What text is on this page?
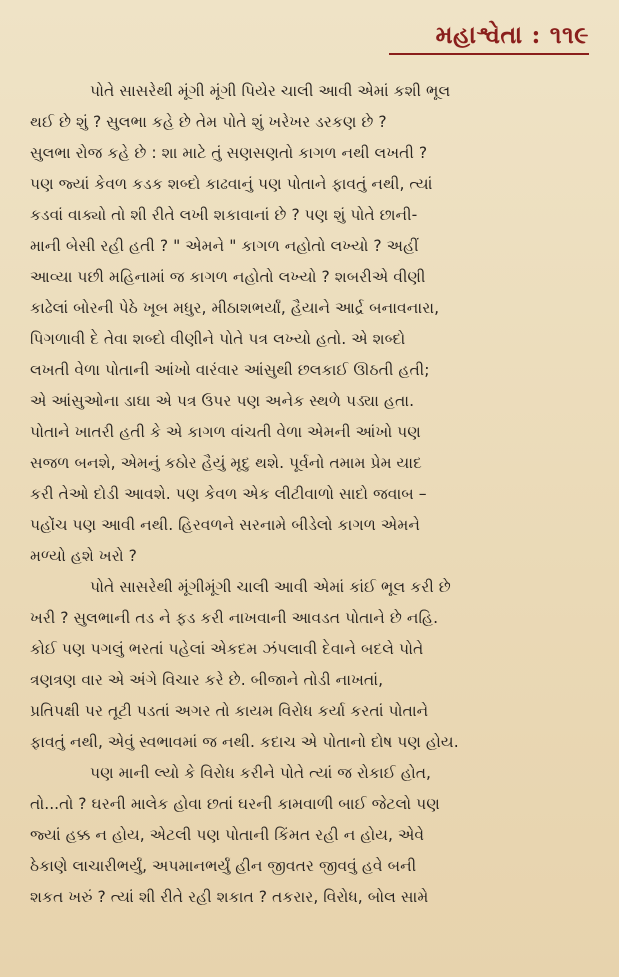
મહાશ્વેતા : ૧૧૯
પોતે સાસરેથી મૂંગી મૂંગી પિયેર ચાલી આવી એમાં કશી ભૂલ
થઈ છે શું ? સુલભા કહે છે તેમ પોતે શું ખરેખર ડરકણ છે ?
સુલભા રોજ કહે છે : શા માટે તું સણસણતો કાગળ નથી લખતી ?
પણ જ્યાં કેવળ કડક શબ્દો કાઢવાનું પણ પોતાને ફાવતું નથી, ત્યાં
કડવાં વાક્યો તો શી રીતે લખી શકાવાનાં છે ? પણ શું પોતે છાની-
માની બેસી રહી હતી ? " એમને " કાગળ નહોતો લખ્યો ? અહીં
આવ્યા પછી મહિનામાં જ કાગળ નહોતો લખ્યો ? શબરીએ વીણી
કાઢેલાં બોરની પેઠે ખૂબ મધુર, મીઠાશભર્યાં, હૈયાને આર્દ્ર બનાવનારા,
પિગળાવી દે તેવા શબ્દો વીણીને પોતે પત્ર લખ્યો હતો. એ શબ્દો
લખતી વેળા પોતાની આંખો વારંવાર આંસુથી છલકાઈ ઊઠતી હતી;
એ આંસુઓના ડાઘા એ પત્ર ઉપર પણ અનેક સ્થળે પડ્યા હતા.
પોતાને ખાતરી હતી કે એ કાગળ વાંચતી વેળા એમની આંખો પણ
સજળ બનશે, એમનું કઠોર હૈયું મૃદુ થશે. પૂર્વનો તમામ પ્રેમ યાદ
કરી તેઓ દોડી આવશે. પણ કેવળ એક લીટીવાળો સાદો જવાબ –
પહોંચ પણ આવી નથી. હિરવળને સરનામે બીડેલો કાગળ એમને
મળ્યો હશે ખરો ?
પોતે સાસરેથી મૂંગીમૂંગી ચાલી આવી એમાં કાંઈ ભૂલ કરી છે
ખરી ? સુલભાની તડ ને ફડ કરી નાખવાની આવડત પોતાને છે નહિ.
કોઈ પણ પગલું ભરતાં પહેલાં એકદમ ઝંપલાવી દેવાને બદલે પોતે
ત્રણત્રણ વાર એ અંગે વિચાર કરે છે. બીજાને તોડી નાખતાં,
પ્રતિપક્ષી પર તૂટી પડતાં અગર તો કાયમ વિરોધ કર્યા કરતાં પોતાને
ફાવતું નથી, એવું સ્વભાવમાં જ નથી. કદાચ એ પોતાનો દોષ પણ હોય.
પણ માની લ્યો કે વિરોધ કરીને પોતે ત્યાં જ રોકાઈ હોત,
તો...તો ? ઘરની માલેક હોવા છતાં ઘરની કામવાળી બાઈ જેટલો પણ
જ્યાં હક્ક ન હોય, એટલી પણ પોતાની કિંમત રહી ન હોય, એવે
ઠેકાણે લાચારીભર્યું, અપમાનભર્યું હીન જીવતર જીવવું હવે બની
શકત ખરું ? ત્યાં શી રીતે રહી શકાત ? તકરાર, વિરોધ, બોલ સામે
